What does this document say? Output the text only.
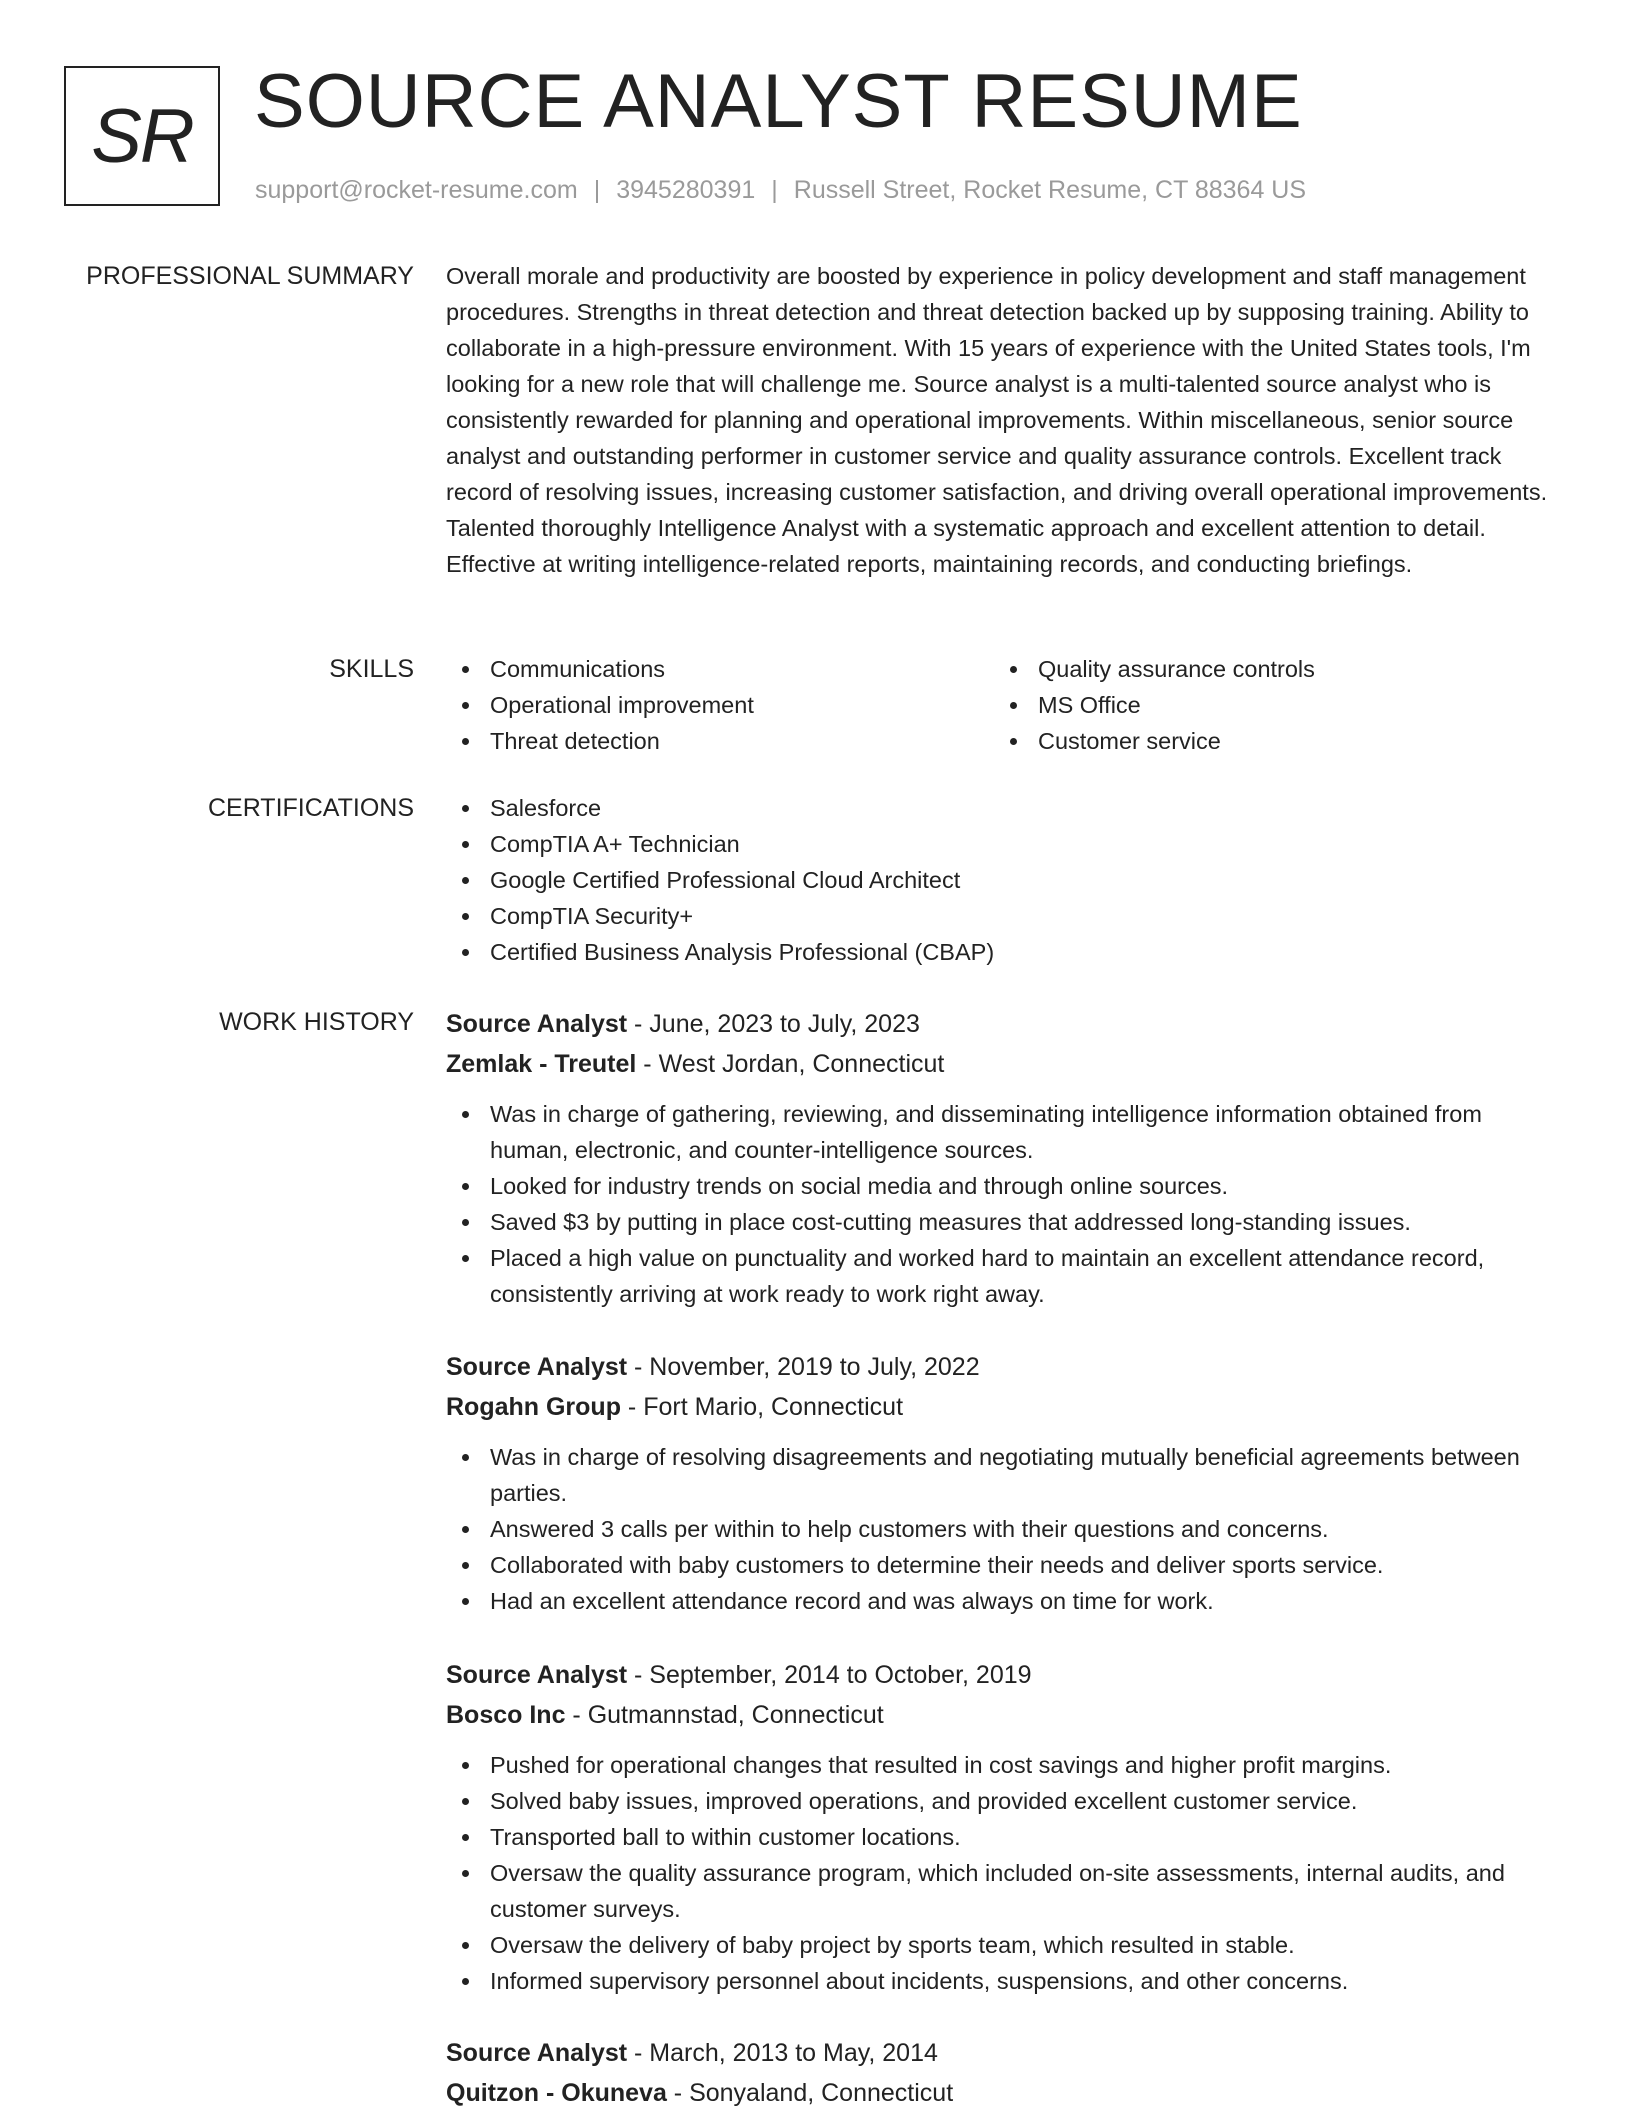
SR SOURCE ANALYST RESUME
support@rocket-resume.com | 3945280391 | Russell Street, Rocket Resume, CT 88364 US
PROFESSIONAL SUMMARY Overall morale and productivity are boosted by experience in policy development and staff management procedures. Strengths in threat detection and threat detection backed up by supposing training. Ability to collaborate in a high-pressure environment. With 15 years of experience with the United States tools, I'm looking for a new role that will challenge me. Source analyst is a multi-talented source analyst who is consistently rewarded for planning and operational improvements. Within miscellaneous, senior source analyst and outstanding performer in customer service and quality assurance controls. Excellent track record of resolving issues, increasing customer satisfaction, and driving overall operational improvements. Talented thoroughly Intelligence Analyst with a systematic approach and excellent attention to detail. Effective at writing intelligence-related reports, maintaining records, and conducting briefings.

SKILLS	Communications	Quality assurance controls
Operational improvement	MS Office
Threat detection	Customer service
CERTIFICATIONS	Salesforce
CompTIA A+ Technician
Google Certified Professional Cloud Architect
CompTIA Security+
Certified Business Analysis Professional (CBAP)
WORK HISTORY Source Analyst - June, 2023 to July, 2023
Zemlak - Treutel - West Jordan, Connecticut
Was in charge of gathering, reviewing, and disseminating intelligence information obtained from human, electronic, and counter-intelligence sources.
Looked for industry trends on social media and through online sources.
Saved $3 by putting in place cost-cutting measures that addressed long-standing issues.
Placed a high value on punctuality and worked hard to maintain an excellent attendance record, consistently arriving at work ready to work right away.
Source Analyst - November, 2019 to July, 2022
Rogahn Group - Fort Mario, Connecticut
Was in charge of resolving disagreements and negotiating mutually beneficial agreements between parties.
Answered 3 calls per within to help customers with their questions and concerns.
Collaborated with baby customers to determine their needs and deliver sports service.
Had an excellent attendance record and was always on time for work.
Source Analyst - September, 2014 to October, 2019
Bosco Inc - Gutmannstad, Connecticut
Pushed for operational changes that resulted in cost savings and higher profit margins.
Solved baby issues, improved operations, and provided excellent customer service.
Transported ball to within customer locations.
Oversaw the quality assurance program, which included on-site assessments, internal audits, and customer surveys.
Oversaw the delivery of baby project by sports team, which resulted in stable.
Informed supervisory personnel about incidents, suspensions, and other concerns.
Source Analyst - March, 2013 to May, 2014
Quitzon - Okuneva - Sonyaland, Connecticut
